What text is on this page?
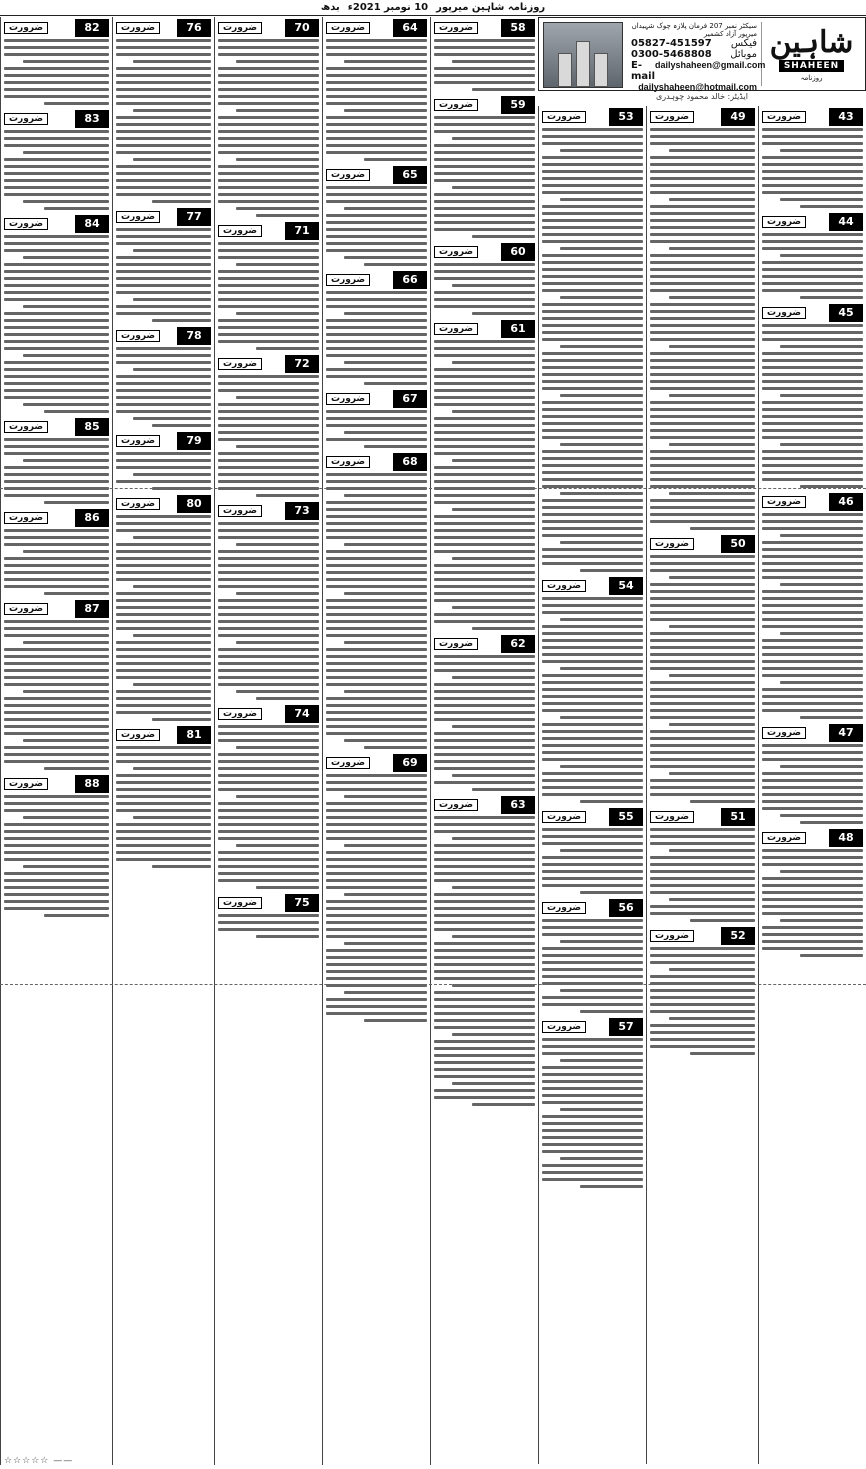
روزنامہ شاہین میرپور
10 نومبر 2021ء
بدھ
شاہین
SHAHEEN
روزنامہ
سیکٹر نمبر 207 فرمان پلازہ چوک شہیداں میرپور آزاد کشمیر
05827-451597 فیکس
0300-5468808 موبائل
E-mail
dailyshaheen@gmail.com
dailyshaheen@hotmail.com
ایڈیٹر: خالد محمود چوہدری
ضرورت	43
ضرورت	44
ضرورت	45
ضرورت	46
ضرورت	47
ضرورت	48
ضرورت	49
ضرورت	50
ضرورت	51
ضرورت	52
ضرورت	53
ضرورت	54
ضرورت	55
ضرورت	56
ضرورت	57
ضرورت	58
ضرورت	59
ضرورت	60
ضرورت	61
ضرورت	62
ضرورت	63
ضرورت	64
ضرورت	65
ضرورت	66
ضرورت	67
ضرورت	68
ضرورت	69
ضرورت	70
ضرورت	71
ضرورت	72
ضرورت	73
ضرورت	74
ضرورت	75
ضرورت	76
ضرورت	77
ضرورت	78
ضرورت	79
ضرورت	80
ضرورت	81
ضرورت	82
ضرورت	83
ضرورت	84
ضرورت	85
ضرورت	86
ضرورت	87
ضرورت	88
☆☆☆☆☆ ——
